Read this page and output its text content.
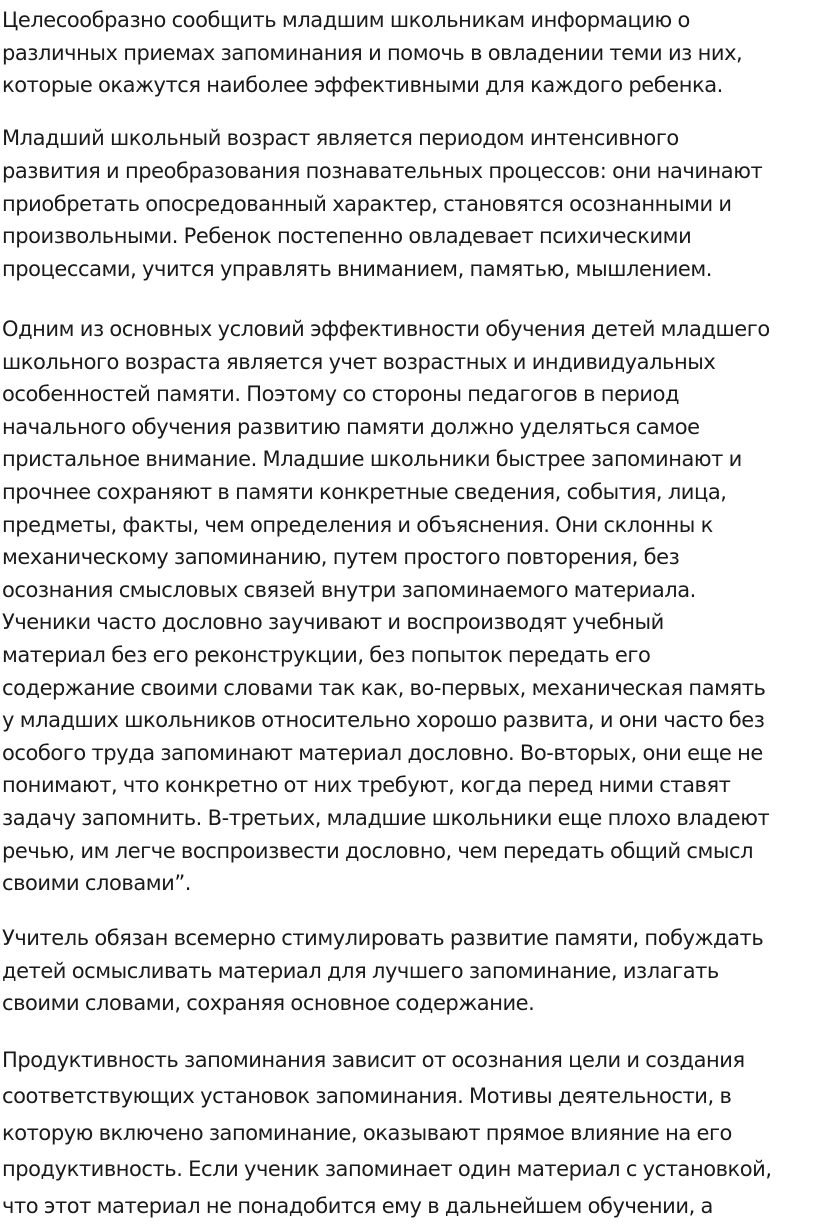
Целесообразно сообщить младшим школьникам информацию о
различных приемах запоминания и помочь в овладении теми из них,
которые окажутся наиболее эффективными для каждого ребенка.

Младший школьный возраст является периодом интенсивного
развития и преобразования познавательных процессов: они начинают
приобретать опосредованный характер, становятся осознанными и
произвольными. Ребенок постепенно овладевает психическими
процессами, учится управлять вниманием, памятью, мышлением.

Одним из основных условий эффективности обучения детей младшего
школьного возраста является учет возрастных и индивидуальных
особенностей памяти. Поэтому со стороны педагогов в период
начального обучения развитию памяти должно уделяться самое
пристальное внимание. Младшие школьники быстрее запоминают и
прочнее сохраняют в памяти конкретные сведения, события, лица,
предметы, факты, чем определения и объяснения. Они склонны к
механическому запоминанию, путем простого повторения, без
осознания смысловых связей внутри запоминаемого материала.
Ученики часто дословно заучивают и воспроизводят учебный
материал без его реконструкции, без попыток передать его
содержание своими словами так как, во-первых, механическая память
у младших школьников относительно хорошо развита, и они часто без
особого труда запоминают материал дословно. Во-вторых, они еще не
понимают, что конкретно от них требуют, когда перед ними ставят
задачу запомнить. В-третьих, младшие школьники еще плохо владеют
речью, им легче воспроизвести дословно, чем передать общий смысл
своими словами”.

Учитель обязан всемерно стимулировать развитие памяти, побуждать
детей осмысливать материал для лучшего запоминание, излагать
своими словами, сохраняя основное содержание.

Продуктивность запоминания зависит от осознания цели и создания
соответствующих установок запоминания. Мотивы деятельности, в
которую включено запоминание, оказывают прямое влияние на его
продуктивность. Если ученик запоминает один материал с установкой,
что этот материал не понадобится ему в дальнейшем обучении, а
